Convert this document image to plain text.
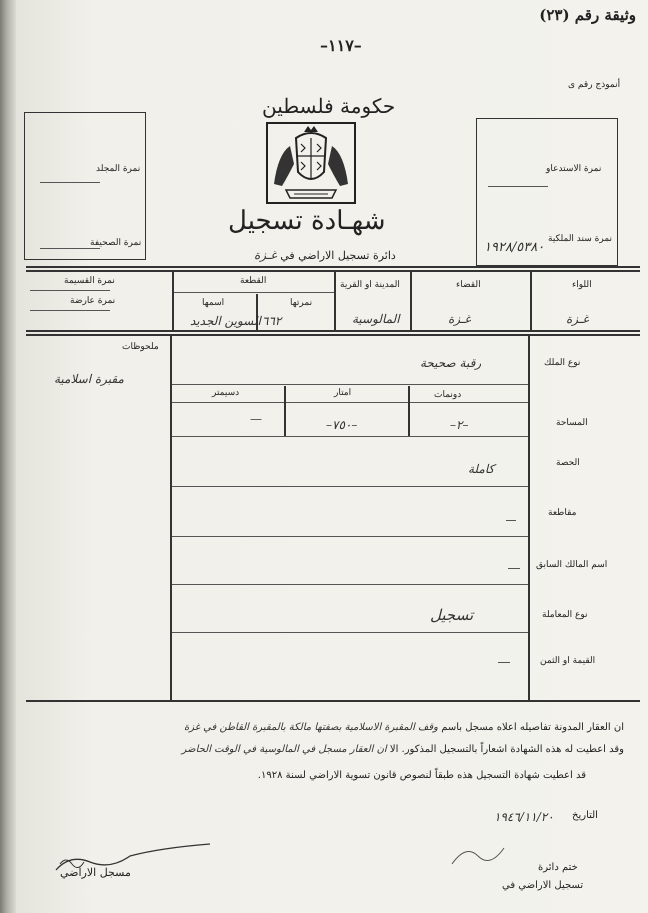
وثيقة رقم (٢٣)
–١١٧–
أنموذج رقم ى
حكومة فلسطين
شهـادة تسجيل
دائرة تسجيل الاراضي في غـزة
نمرة المجلد
نمرة الصحيفة
نمرة الاستدعاو
نمرة سند الملكية
١٩٢٨/٥٣٨٠
اللواء
القضاء
المدينة او القرية
القطعة
نمرتها
اسمها
نمرة القسيمة
نمرة عارضة
غـزة
غـزة
المالوسية
٦٦٢
السوين الجديد
ملحوظات
مقبرة اسلامية
نوع الملك
رقبة صحيحة
دونمات
امتار
دسيمتر
المساحة
–٢–
–٧٥٠–
—
الحصة
كاملة
مقاطعة
اسم المالك السابق
نوع المعاملة
تسجيل
القيمة او الثمن
ان العقار المدونة تفاصيله اعلاه مسجل باسم وقف المقبرة الاسلامية بصفتها مالكة بالمقبرة القاطن في غزة
وقد اعطيت له هذه الشهادة اشعاراً بالتسجيل المذكور. الا ان العقار مسجل في المالوسية في الوقت الحاضر
قد اعطيت شهادة التسجيل هذه طبقاً لنصوص قانون تسوية الاراضي لسنة ١٩٢٨.
التاريخ
١٩٤٦/١١/٢٠
ختم دائرة
تسجيل الاراضي في
مسجل الاراضي
